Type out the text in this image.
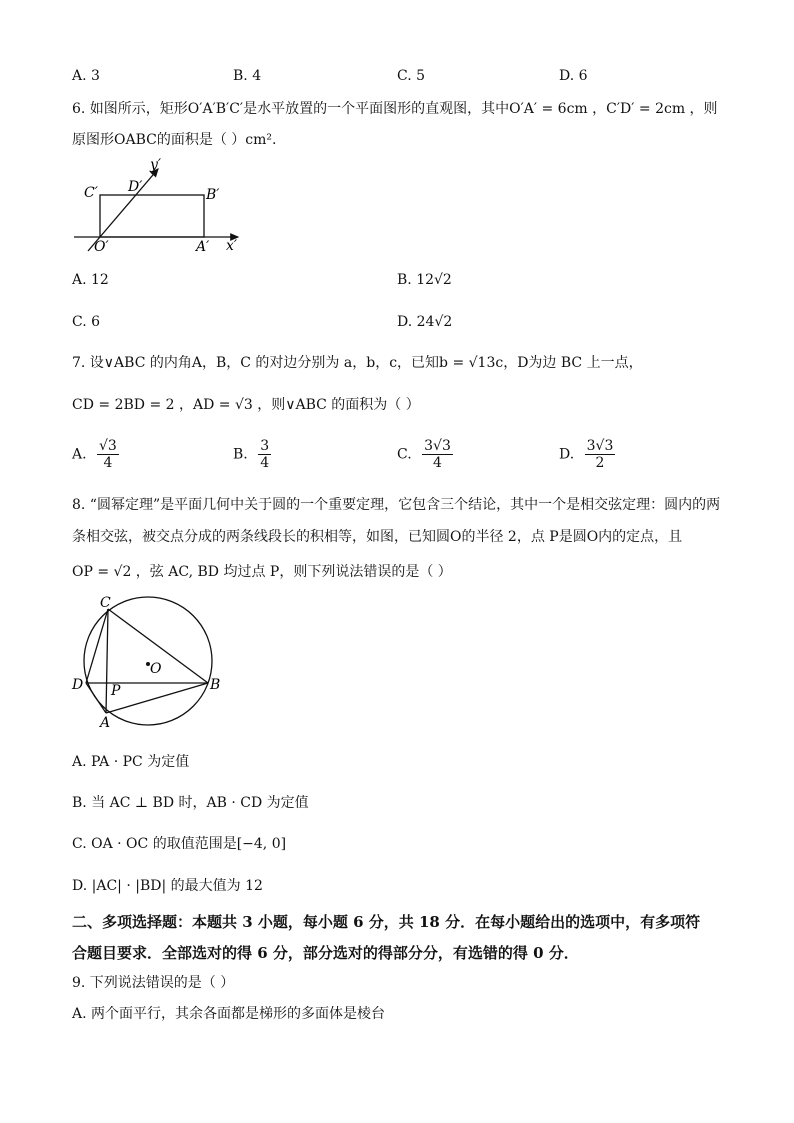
A. 3	B. 4	C. 5	D. 6
6. 如图所示，矩形O′A′B′C′是水平放置的一个平面图形的直观图，其中O′A′ = 6cm ，C′D′ = 2cm ，则
原图形OABC的面积是（ ）cm².
C′ D′	B′
O′	A′ x′
y′
A. 12	B. 12√2
C. 6	D. 24√2
7. 设∨ABC 的内角A，B，C 的对边分别为 a，b，c，已知b = √13c，D为边 BC 上一点，
CD = 2BD = 2 ，AD = √3 ，则∨ABC 的面积为（ ）
A. $\frac{√3}{4}$	B. $\frac{3}{4}$	C. $\frac{3√3}{4}$	D. $\frac{3√3}{2}$
8. “圆幂定理”是平面几何中关于圆的一个重要定理，它包含三个结论，其中一个是相交弦定理：圆内的两
条相交弦，被交点分成的两条线段长的积相等，如图，已知圆O的半径 2，点 P是圆O内的定点，且
OP = √2 ，弦 AC, BD 均过点 P，则下列说法错误的是（ ）
C
O
D P	B
A
A. PA · PC 为定值
B. 当 AC ⊥ BD 时，AB · CD 为定值
C. OA · OC 的取值范围是[−4, 0]
D. |AC| · |BD| 的最大值为 12
二、多项选择题：本题共 3 小题，每小题 6 分，共 18 分．在每小题给出的选项中，有多项符
合题目要求．全部选对的得 6 分，部分选对的得部分分，有选错的得 0 分．
9. 下列说法错误的是（ ）
A. 两个面平行，其余各面都是梯形的多面体是棱台
